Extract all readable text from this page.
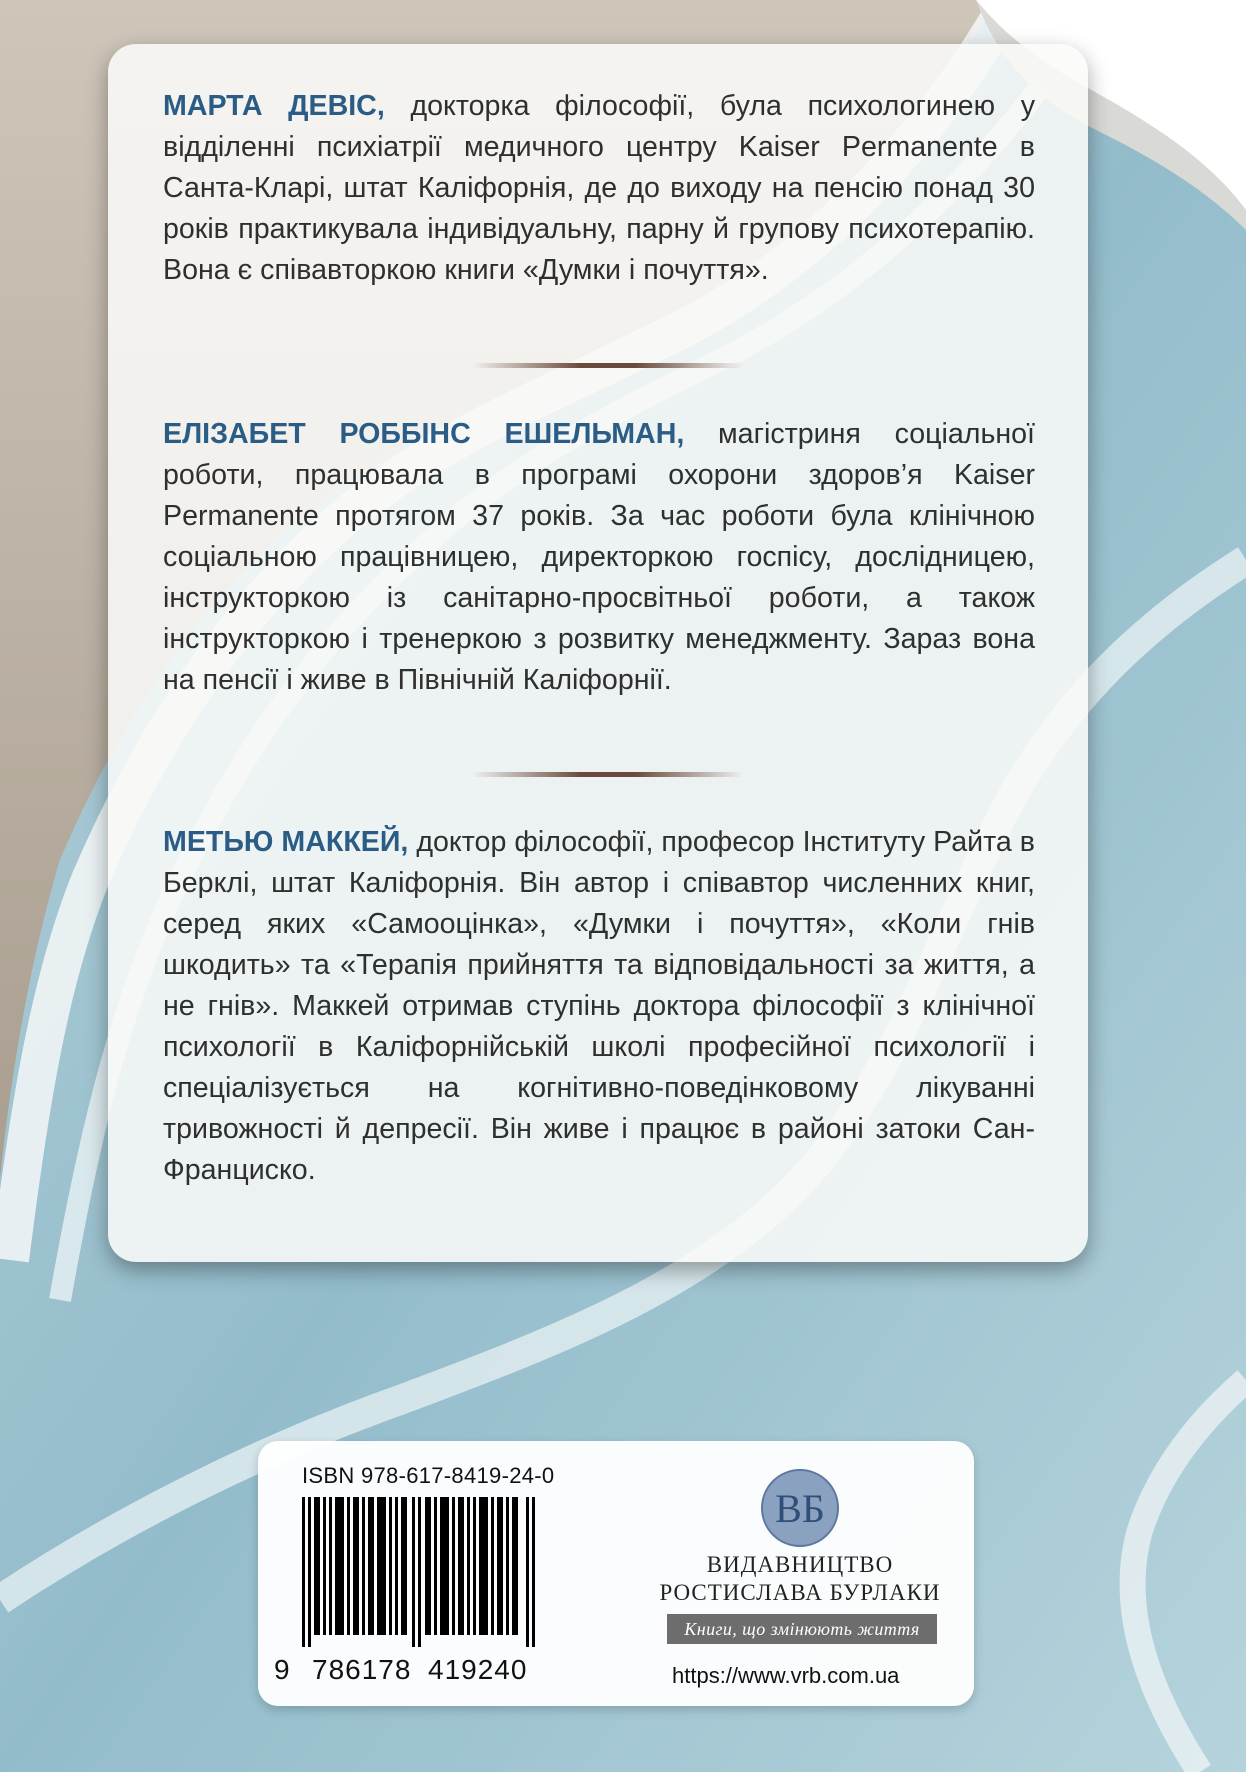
МАРТА ДЕВІС, докторка філософії, була психологинею у відділенні психіатрії медичного центру Kaiser Permanente в Санта-Кларі, штат Каліфорнія, де до виходу на пенсію понад 30 років практикувала індивідуальну, парну й групову психотерапію. Вона є співавторкою книги «Думки і почуття».

ЕЛІЗАБЕТ РОББІНС ЕШЕЛЬМАН, магістриня соціальної роботи, працювала в програмі охорони здоров’я Kaiser Permanente протягом 37 років. За час роботи була клінічною соціальною працівницею, директоркою госпісу, дослідницею, інструкторкою із санітарно-просвітньої роботи, а також інструкторкою і тренеркою з розвитку менеджменту. Зараз вона на пенсії і живе в Північній Каліфорнії.

МЕТЬЮ МАККЕЙ, доктор філософії, професор Інституту Райта в Берклі, штат Каліфорнія. Він автор і співавтор численних книг, серед яких «Самооцінка», «Думки і почуття», «Коли гнів шкодить» та «Терапія прийняття та відповідальності за життя, а не гнів». Маккей отримав ступінь доктора філософії з клінічної психології в Каліфорнійській школі професійної психології і спеціалізується на когнітивно-поведінковому лікуванні тривожності й депресії. Він живе і працює в районі затоки Сан-Франциско.

ISBN 978-617-8419-24-0
9 786178 419240
ВБ
ВИДАВНИЦТВО
РОСТИСЛАВА БУРЛАКИ
Книги, що змінюють життя
https://www.vrb.com.ua
